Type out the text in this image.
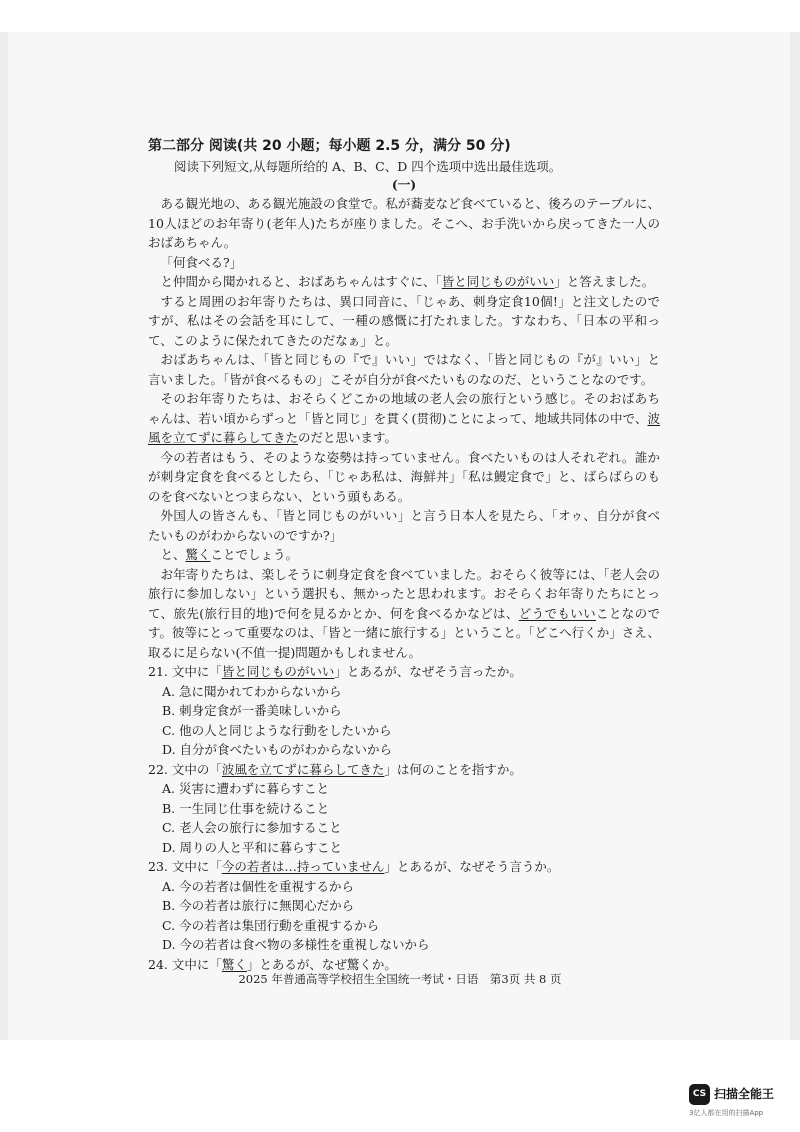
第二部分 阅读(共 20 小题；每小题 2.5 分，满分 50 分)
阅读下列短文,从每题所给的 A、B、C、D 四个选项中选出最佳选项。
(一)

ある観光地の、ある観光施設の食堂で。私が蕎麦など食べていると、後ろのテーブルに、10人ほどのお年寄り(老年人)たちが座りました。そこへ、お手洗いから戻ってきた一人のおばあちゃん。

「何食べる?」

と仲間から聞かれると、おばあちゃんはすぐに、「皆と同じものがいい」と答えました。

すると周囲のお年寄りたちは、異口同音に、「じゃあ、刺身定食10個!」と注文したのですが、私はその会話を耳にして、一種の感慨に打たれました。すなわち、「日本の平和って、このように保たれてきたのだなぁ」と。

おばあちゃんは、「皆と同じもの『で』いい」ではなく、「皆と同じもの『が』いい」と言いました。「皆が食べるもの」こそが自分が食べたいものなのだ、ということなのです。

そのお年寄りたちは、おそらくどこかの地域の老人会の旅行という感じ。そのおばあちゃんは、若い頃からずっと「皆と同じ」を貫く(贯彻)ことによって、地域共同体の中で、波風を立てずに暮らしてきたのだと思います。

今の若者はもう、そのような姿勢は持っていません。食べたいものは人それぞれ。誰かが刺身定食を食べるとしたら、「じゃあ私は、海鮮丼」「私は鰻定食で」と、ばらばらのものを食べないとつまらない、という頭もある。

外国人の皆さんも、「皆と同じものがいい」と言う日本人を見たら、「オゥ、自分が食べたいものがわからないのですか?」

と、驚くことでしょう。

お年寄りたちは、楽しそうに刺身定食を食べていました。おそらく彼等には、「老人会の旅行に参加しない」という選択も、無かったと思われます。おそらくお年寄りたちにとって、旅先(旅行目的地)で何を見るかとか、何を食べるかなどは、どうでもいいことなのです。彼等にとって重要なのは、「皆と一緒に旅行する」ということ。「どこへ行くか」さえ、取るに足らない(不值一提)問題かもしれません。

21. 文中に「皆と同じものがいい」とあるが、なぜそう言ったか。
A. 急に聞かれてわからないから
B. 刺身定食が一番美味しいから
C. 他の人と同じような行動をしたいから
D. 自分が食べたいものがわからないから
22. 文中の「波風を立てずに暮らしてきた」は何のことを指すか。
A. 災害に遭わずに暮らすこと
B. 一生同じ仕事を続けること
C. 老人会の旅行に参加すること
D. 周りの人と平和に暮らすこと
23. 文中に「今の若者は…持っていません」とあるが、なぜそう言うか。
A. 今の若者は個性を重視するから
B. 今の若者は旅行に無関心だから
C. 今の若者は集団行動を重視するから
D. 今の若者は食べ物の多様性を重視しないから
24. 文中に「驚く」とあるが、なぜ驚くか。
2025 年普通高等学校招生全国统一考试・日语　第3页 共 8 页
CS 扫描全能王
3亿人都在用的扫描App
